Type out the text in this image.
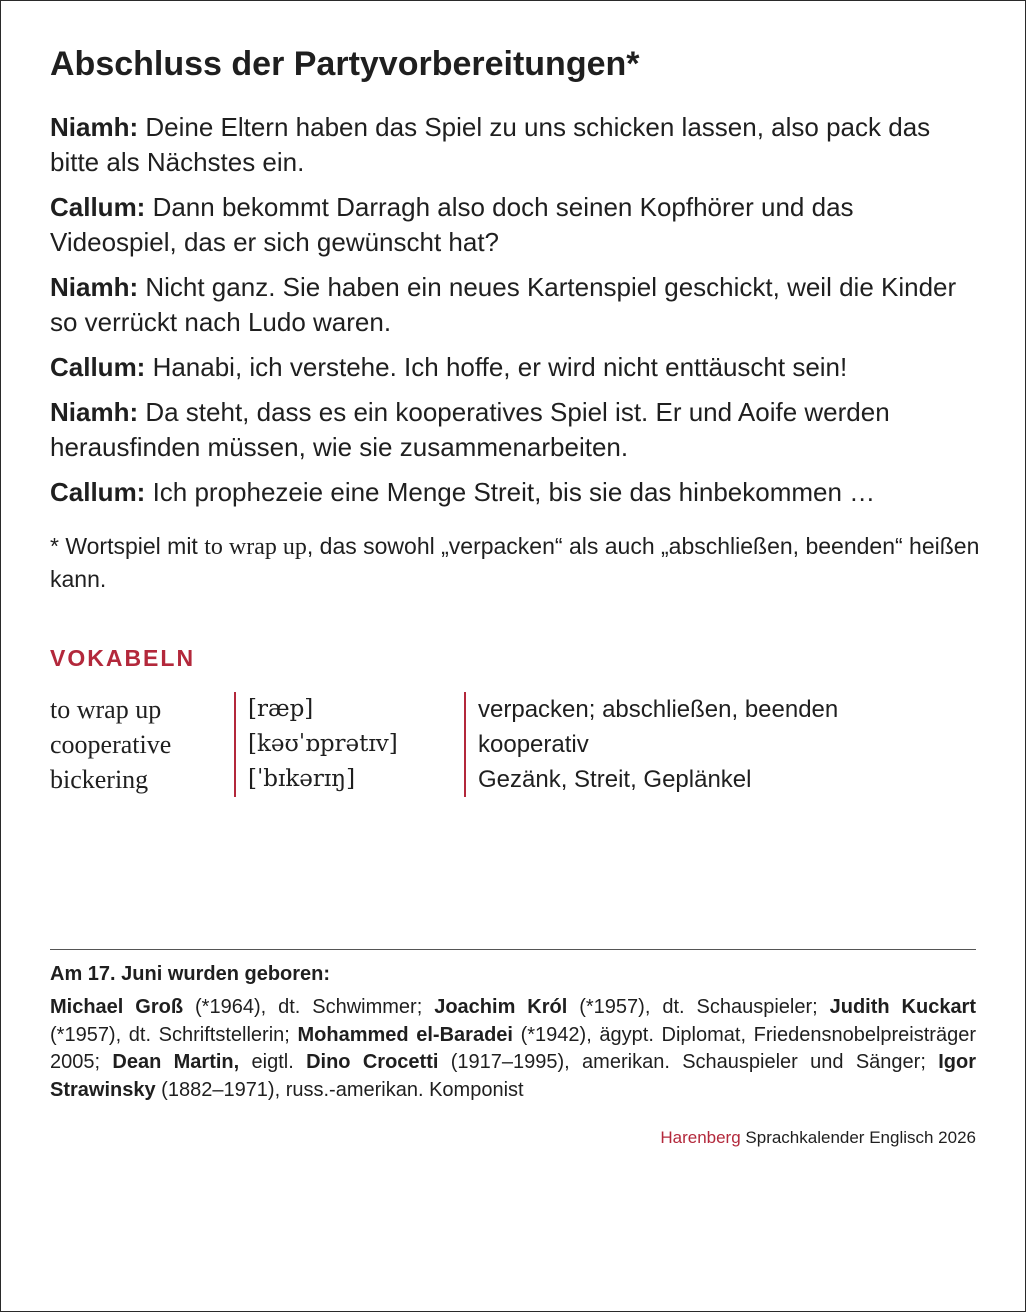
Abschluss der Partyvorbereitungen*

Niamh: Deine Eltern haben das Spiel zu uns schicken lassen, also pack das bitte als Nächstes ein.

Callum: Dann bekommt Darragh also doch seinen Kopfhörer und das Videospiel, das er sich gewünscht hat?

Niamh: Nicht ganz. Sie haben ein neues Kartenspiel geschickt, weil die Kinder so verrückt nach Ludo waren.

Callum: Hanabi, ich verstehe. Ich hoffe, er wird nicht enttäuscht sein!

Niamh: Da steht, dass es ein kooperatives Spiel ist. Er und Aoife werden herausfinden müssen, wie sie zusammenarbeiten.

Callum: Ich prophezeie eine Menge Streit, bis sie das hinbekommen …

* Wortspiel mit to wrap up, das sowohl „verpacken“ als auch „abschließen, beenden“ heißen kann.

VOKABELN
to wrap up	[ræp]	verpacken; abschließen, beenden
cooperative	[kəʊˈɒprətɪv]	kooperativ
bickering	[ˈbɪkərɪŋ]	Gezänk, Streit, Geplänkel
Am 17. Juni wurden geboren:

Michael Groß (*1964), dt. Schwimmer; Joachim Król (*1957), dt. Schauspieler; Judith Kuckart (*1957), dt. Schriftstellerin; Mohammed el-Baradei (*1942), ägypt. Diplomat, Friedensnobelpreisträger 2005; Dean Martin, eigtl. Dino Crocetti (1917–1995), amerikan. Schauspieler und Sänger; Igor Strawinsky (1882–1971), russ.-amerikan. Komponist

Harenberg Sprachkalender Englisch 2026
